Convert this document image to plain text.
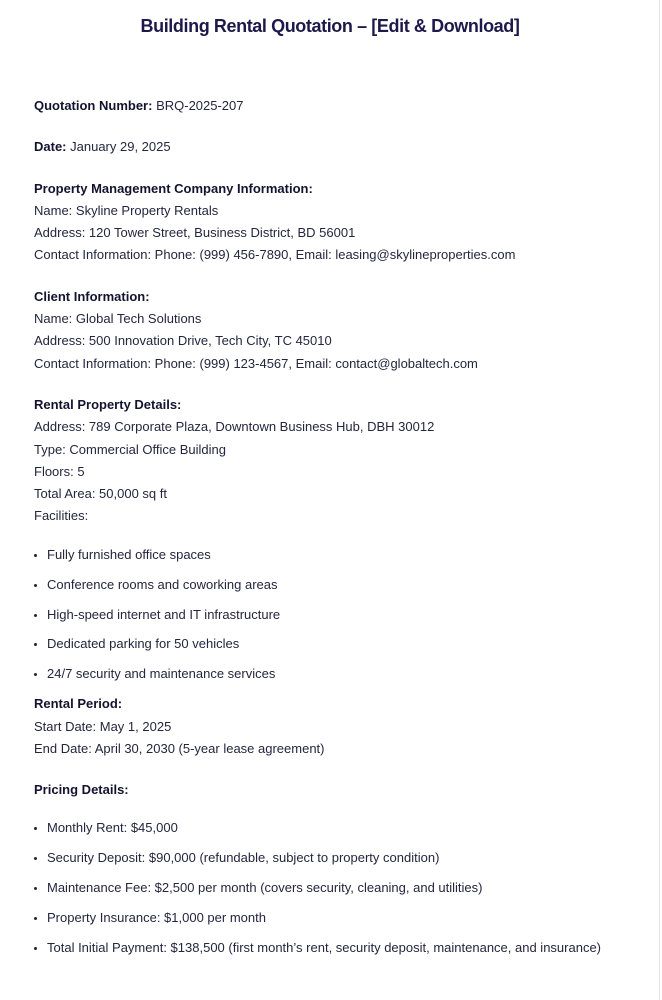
Building Rental Quotation – [Edit & Download]

Quotation Number: BRQ-2025-207

Date: January 29, 2025

Property Management Company Information:

Name: Skyline Property Rentals

Address: 120 Tower Street, Business District, BD 56001

Contact Information: Phone: (999) 456-7890, Email: leasing@skylineproperties.com

Client Information:

Name: Global Tech Solutions

Address: 500 Innovation Drive, Tech City, TC 45010

Contact Information: Phone: (999) 123-4567, Email: contact@globaltech.com

Rental Property Details:

Address: 789 Corporate Plaza, Downtown Business Hub, DBH 30012

Type: Commercial Office Building

Floors: 5

Total Area: 50,000 sq ft

Facilities:

• Fully furnished office spaces
• Conference rooms and coworking areas
• High-speed internet and IT infrastructure
• Dedicated parking for 50 vehicles
• 24/7 security and maintenance services

Rental Period:

Start Date: May 1, 2025

End Date: April 30, 2030 (5-year lease agreement)

Pricing Details:

• Monthly Rent: $45,000
• Security Deposit: $90,000 (refundable, subject to property condition)
• Maintenance Fee: $2,500 per month (covers security, cleaning, and utilities)
• Property Insurance: $1,000 per month
• Total Initial Payment: $138,500 (first month’s rent, security deposit, maintenance, and insurance)
